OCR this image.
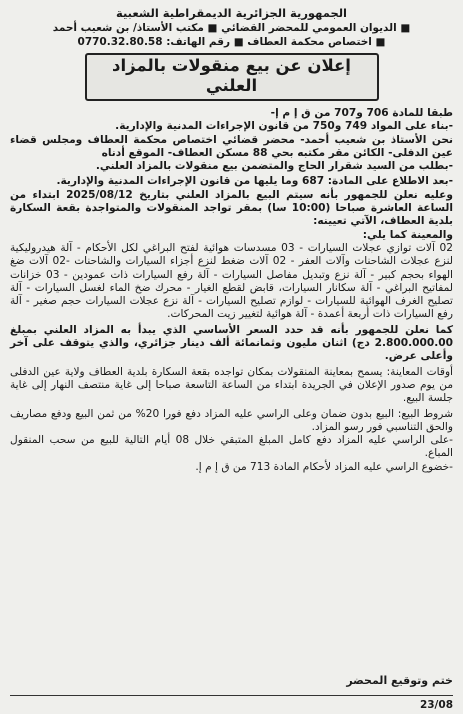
الجمهورية الجزائرية الديمقراطية الشعبية
■ الديوان العمومي للمحضر القضائي ■ مكتب الأستاذ/ بن شعيب أحمد
■ اختصاص محكمة العطاف ■ رقم الهاتف: 0770.32.80.58
إعلان عن بيع منقولات بالمزاد العلني

طبقا للمادة 706 و707 من ق إ م إ-

-بناء على المواد 749 و750 من قانون الإجراءات المدنية والإدارية.

نحن الأستاذ بن شعيب أحمد- محضر قضائي اختصاص محكمة العطاف ومجلس قضاء عين الدفلى- الكائن مقر مكتبه بحي 88 مسكن العطاف- الموقع أدناه

-بطلب من السيد شقرار الحاج والمتضمن بيع منقولات بالمزاد العلني.

-بعد الاطلاع على المادة: 687 وما يليها من قانون الإجراءات المدنية والإدارية.

وعليه نعلن للجمهور بأنه سيتم البيع بالمزاد العلني بتاريخ 2025/08/12 ابتداء من الساعة العاشرة صباحا (10:00 سا) بمقر تواجد المنقولات والمتواجدة بقعة السكارة بلدية العطاف، الآتي تعيينه:

والمعينة كما يلي:

02 آلات توازي عجلات السيارات - 03 مسدسات هوائية لفتح البراغي لكل الأحكام - آلة هيدروليكية لنزع عجلات الشاحنات وآلات العفر - 02 آلات ضغط لنزع أجزاء السيارات والشاحنات -02 آلات ضغ الهواء بحجم كبير - آلة نزع وتبديل مفاصل السيارات - آلة رفع السيارات ذات عمودين - 03 خزانات لمفاتيح البراغي - آلة سكانار السيارات، قابض لقطع الغيار - محرك ضخ الماء لغسل السيارات - آلة تصليح الغرف الهوائية للسيارات - لوازم تصليح السيارات - آلة نزع عجلات السيارات حجم صغير - آلة رفع السيارات ذات أربعة أعمدة - آلة هوائية لتغيير زيت المحركات.

كما نعلن للجمهور بأنه قد حدد السعر الأساسي الذي يبدأ به المزاد العلني بمبلغ 2.800.000.00 دج) اثنان مليون وثمانمائة ألف دينار جزائري، والذي يتوقف على آخر وأعلى عرض.

أوقات المعاينة: يسمح بمعاينة المنقولات بمكان تواجده بقعة السكارة بلدية العطاف ولاية عين الدفلى من يوم صدور الإعلان في الجريدة ابتداء من الساعة التاسعة صباحا إلى غاية منتصف النهار إلى غاية جلسة البيع.

شروط البيع: البيع بدون ضمان وعلى الراسي عليه المزاد دفع فورا 20% من ثمن البيع ودفع مصاريف والحق التناسبي فور رسو المزاد.

-على الراسي عليه المزاد دفع كامل المبلغ المتبقي خلال 08 أيام التالية للبيع من سحب المنقول المباع.

-خضوع الراسي عليه المزاد لأحكام المادة 713 من ق إ م إ.

ختم وتوقيع المحضر
23/08
